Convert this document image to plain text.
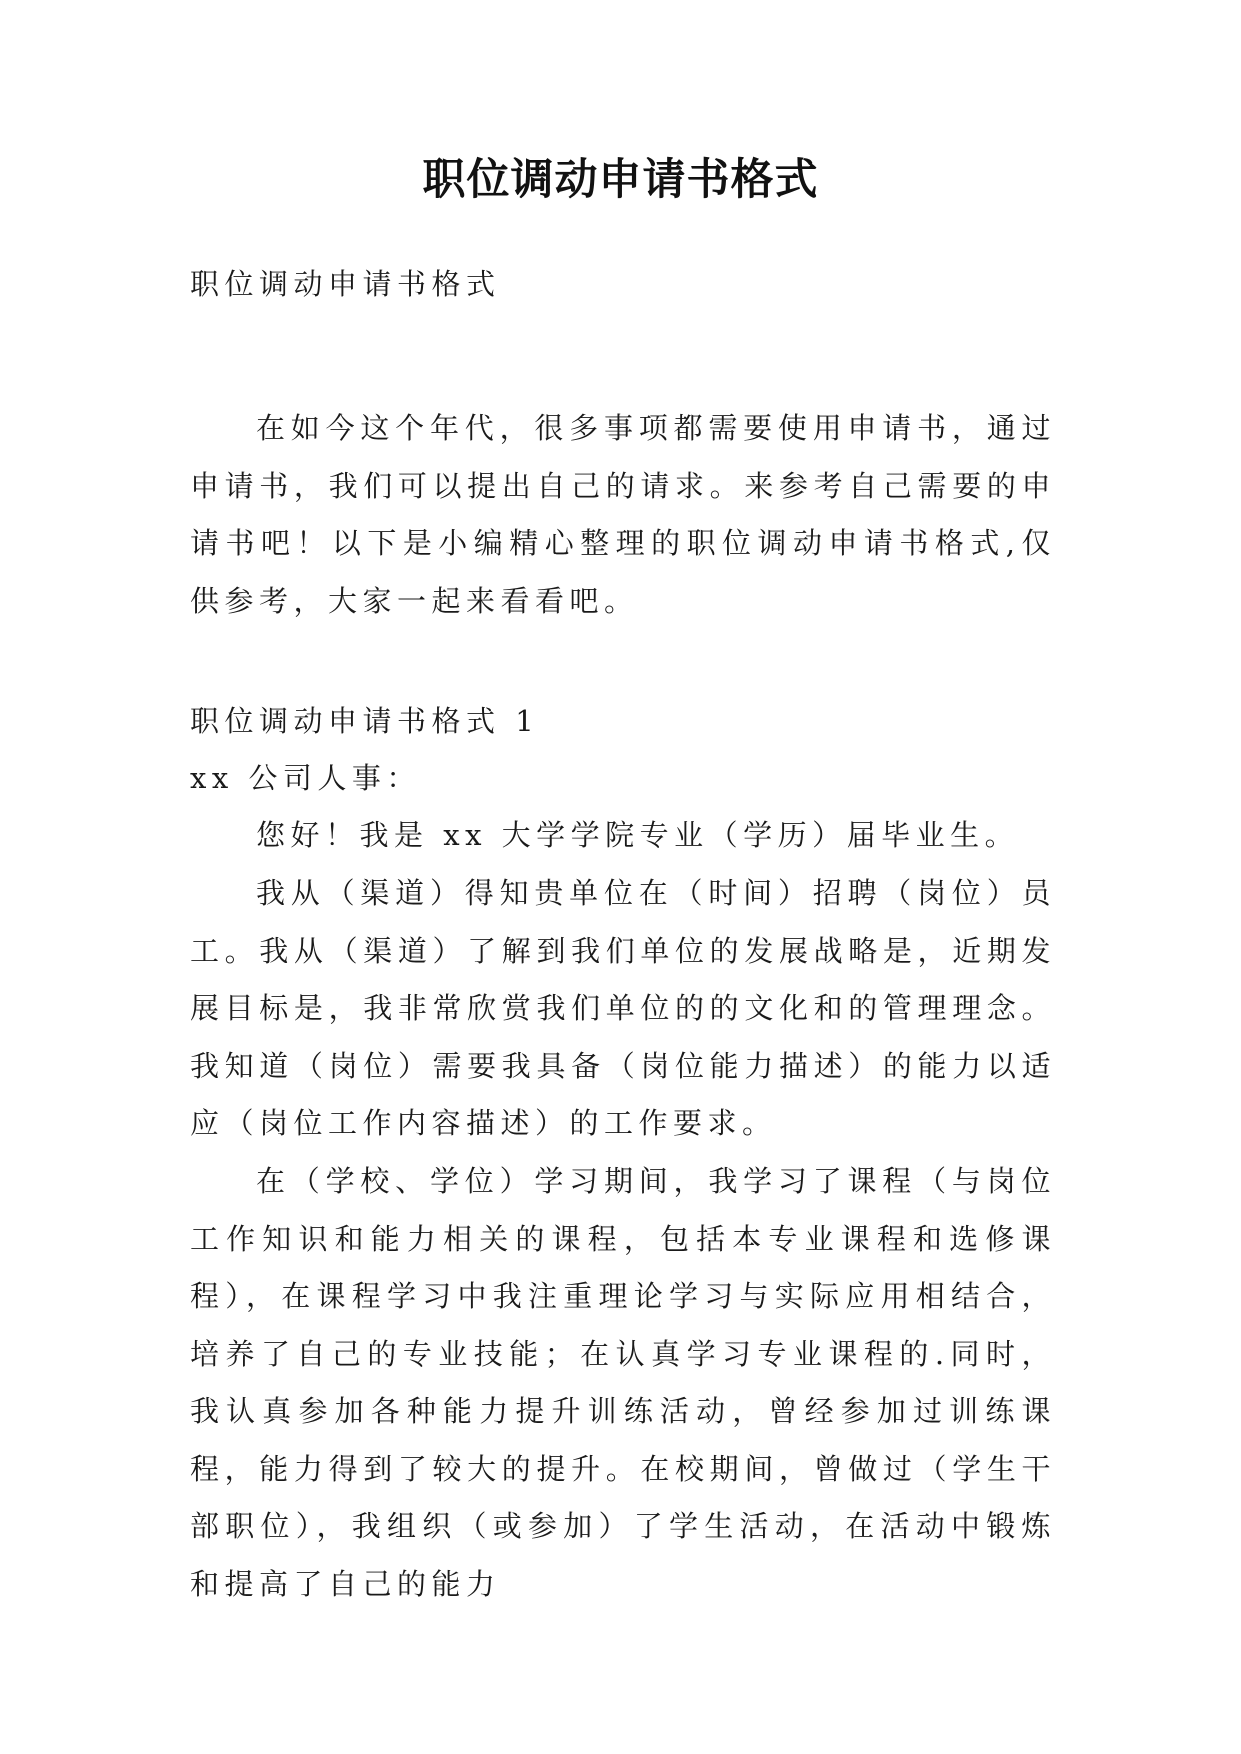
职位调动申请书格式

职位调动申请书格式

在如今这个年代，很多事项都需要使用申请书，通过申请书，我们可以提出自己的请求。来参考自己需要的申请书吧！以下是小编精心整理的职位调动申请书格式,仅供参考，大家一起来看看吧。

职位调动申请书格式 1

xx 公司人事：

您好！我是 xx 大学学院专业（学历）届毕业生。

我从（渠道）得知贵单位在（时间）招聘（岗位）员工。我从（渠道）了解到我们单位的发展战略是，近期发展目标是，我非常欣赏我们单位的的文化和的管理理念。我知道（岗位）需要我具备（岗位能力描述）的能力以适应（岗位工作内容描述）的工作要求。

在（学校、学位）学习期间，我学习了课程（与岗位工作知识和能力相关的课程，包括本专业课程和选修课程），在课程学习中我注重理论学习与实际应用相结合，培养了自己的专业技能；在认真学习专业课程的.同时，我认真参加各种能力提升训练活动，曾经参加过训练课程，能力得到了较大的提升。在校期间，曾做过（学生干部职位），我组织（或参加）了学生活动，在活动中锻炼和提高了自己的能力
